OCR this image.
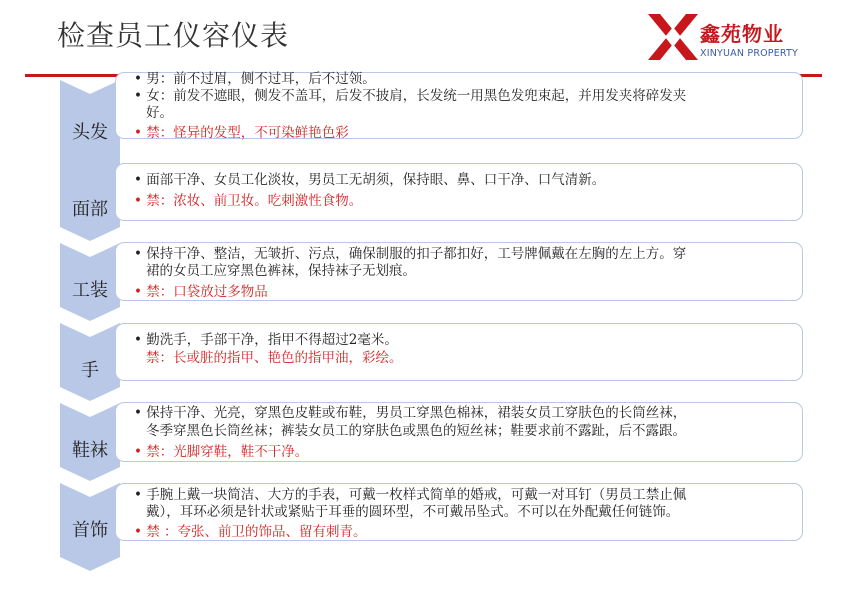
检查员工仪容仪表	鑫苑物业
XINYUAN PROPERTY
头发
• 男：前不过眉，侧不过耳，后不过领。
• 女：前发不遮眼，侧发不盖耳，后发不披肩，长发统一用黑色发兜束起，并用发夹将碎发夹
好。
• 禁：怪异的发型，不可染鲜艳色彩
面部
• 面部干净、女员工化淡妆，男员工无胡须，保持眼、鼻、口干净、口气清新。
• 禁：浓妆、前卫妆。吃刺激性食物。
工装
• 保持干净、整洁，无皱折、污点，确保制服的扣子都扣好，工号牌佩戴在左胸的左上方。穿
裙的女员工应穿黑色裤袜，保持袜子无划痕。
• 禁：口袋放过多物品
手
• 勤洗手，手部干净，指甲不得超过2毫米。
禁：长或脏的指甲、艳色的指甲油，彩绘。
鞋袜
• 保持干净、光亮，穿黑色皮鞋或布鞋，男员工穿黑色棉袜，裙装女员工穿肤色的长筒丝袜，
冬季穿黑色长筒丝袜；裤装女员工的穿肤色或黑色的短丝袜；鞋要求前不露趾，后不露跟。
• 禁：光脚穿鞋，鞋不干净。
首饰
• 手腕上戴一块简洁、大方的手表，可戴一枚样式简单的婚戒，可戴一对耳钉（男员工禁止佩
戴），耳环必须是针状或紧贴于耳垂的圆环型，不可戴吊坠式。不可以在外配戴任何链饰。
• 禁 ：夸张、前卫的饰品、留有刺青。
